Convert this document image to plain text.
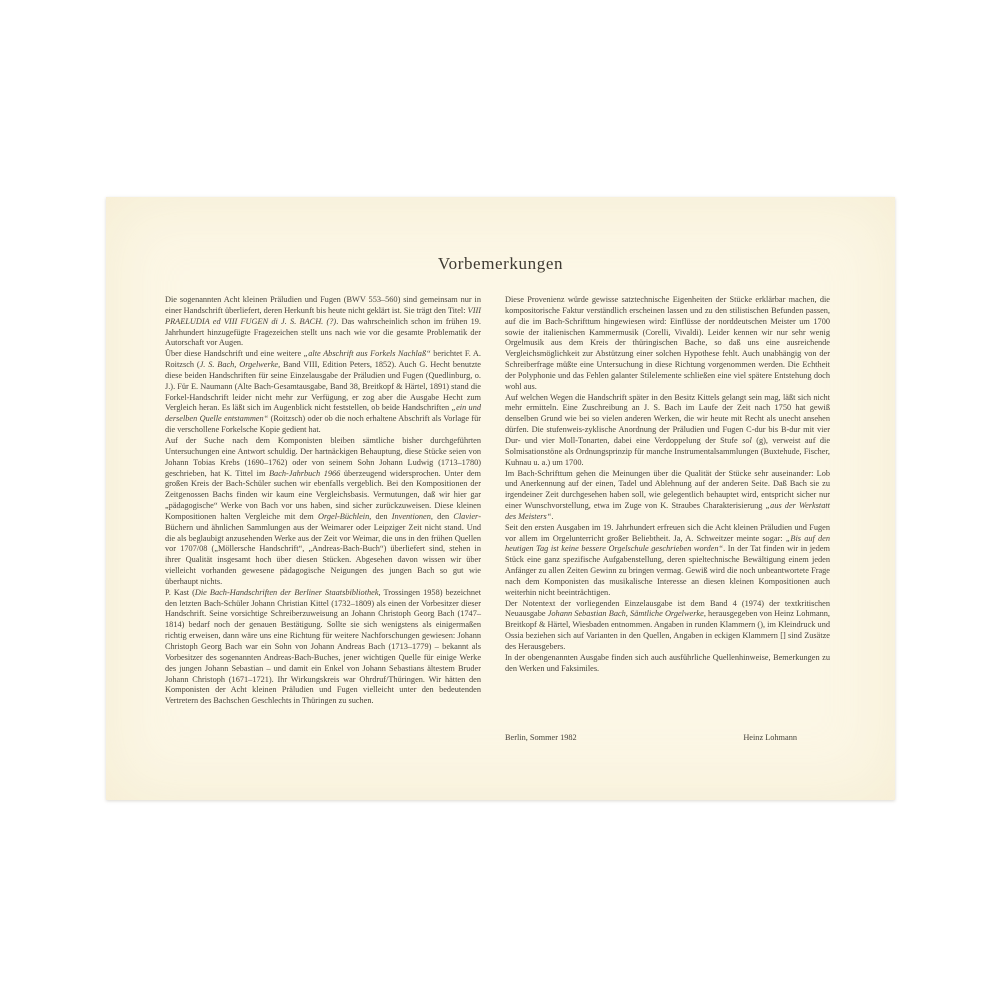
Vorbemerkungen

Die sogenannten Acht kleinen Präludien und Fugen (BWV 553–560) sind gemeinsam nur in einer Handschrift überliefert, deren Herkunft bis heute nicht geklärt ist. Sie trägt den Titel: VIII PRAELUDIA ed VIII FUGEN di J. S. BACH. (?). Das wahrscheinlich schon im frühen 19. Jahrhundert hinzugefügte Fragezeichen stellt uns nach wie vor die gesamte Problematik der Autorschaft vor Augen.

Über diese Handschrift und eine weitere „alte Abschrift aus Forkels Nachlaß“ berichtet F. A. Roitzsch (J. S. Bach, Orgelwerke, Band VIII, Edition Peters, 1852). Auch G. Hecht benutzte diese beiden Handschriften für seine Einzelausgabe der Präludien und Fugen (Quedlinburg, o. J.). Für E. Naumann (Alte Bach-Gesamtausgabe, Band 38, Breitkopf & Härtel, 1891) stand die Forkel-Handschrift leider nicht mehr zur Verfügung, er zog aber die Ausgabe Hecht zum Vergleich heran. Es läßt sich im Augenblick nicht feststellen, ob beide Handschriften „ein und derselben Quelle entstammen“ (Roitzsch) oder ob die noch erhaltene Abschrift als Vorlage für die verschollene Forkelsche Kopie gedient hat.

Auf der Suche nach dem Komponisten bleiben sämtliche bisher durchgeführten Untersuchungen eine Antwort schuldig. Der hartnäckigen Behauptung, diese Stücke seien von Johann Tobias Krebs (1690–1762) oder von seinem Sohn Johann Ludwig (1713–1780) geschrieben, hat K. Tittel im Bach-Jahrbuch 1966 überzeugend widersprochen. Unter dem großen Kreis der Bach-Schüler suchen wir ebenfalls vergeblich. Bei den Kompositionen der Zeitgenossen Bachs finden wir kaum eine Vergleichsbasis. Vermutungen, daß wir hier gar „pädagogische“ Werke von Bach vor uns haben, sind sicher zurückzuweisen. Diese kleinen Kompositionen halten Vergleiche mit dem Orgel-Büchlein, den Inventionen, den Clavier-Büchern und ähnlichen Sammlungen aus der Weimarer oder Leipziger Zeit nicht stand. Und die als beglaubigt anzusehenden Werke aus der Zeit vor Weimar, die uns in den frühen Quellen vor 1707/08 („Möllersche Handschrift“, „Andreas-Bach-Buch“) überliefert sind, stehen in ihrer Qualität insgesamt hoch über diesen Stücken. Abgesehen davon wissen wir über vielleicht vorhanden gewesene pädagogische Neigungen des jungen Bach so gut wie überhaupt nichts.

P. Kast (Die Bach-Handschriften der Berliner Staatsbibliothek, Trossingen 1958) bezeichnet den letzten Bach-Schüler Johann Christian Kittel (1732–1809) als einen der Vorbesitzer dieser Handschrift. Seine vorsichtige Schreiberzuweisung an Johann Christoph Georg Bach (1747–1814) bedarf noch der genauen Bestätigung. Sollte sie sich wenigstens als einigermaßen richtig erweisen, dann wäre uns eine Richtung für weitere Nachforschungen gewiesen: Johann Christoph Georg Bach war ein Sohn von Johann Andreas Bach (1713–1779) – bekannt als Vorbesitzer des sogenannten Andreas-Bach-Buches, jener wichtigen Quelle für einige Werke des jungen Johann Sebastian – und damit ein Enkel von Johann Sebastians ältestem Bruder Johann Christoph (1671–1721). Ihr Wirkungskreis war Ohrdruf/Thüringen. Wir hätten den Komponisten der Acht kleinen Präludien und Fugen vielleicht unter den bedeutenden Vertretern des Bachschen Geschlechts in Thüringen zu suchen.

Diese Provenienz würde gewisse satztechnische Eigenheiten der Stücke erklärbar machen, die kompositorische Faktur verständlich erscheinen lassen und zu den stilistischen Befunden passen, auf die im Bach-Schrifttum hingewiesen wird: Einflüsse der norddeutschen Meister um 1700 sowie der italienischen Kammermusik (Corelli, Vivaldi). Leider kennen wir nur sehr wenig Orgelmusik aus dem Kreis der thüringischen Bache, so daß uns eine ausreichende Vergleichsmöglichkeit zur Abstützung einer solchen Hypothese fehlt. Auch unabhängig von der Schreiberfrage müßte eine Untersuchung in diese Richtung vorgenommen werden. Die Echtheit der Polyphonie und das Fehlen galanter Stilelemente schließen eine viel spätere Entstehung doch wohl aus.

Auf welchen Wegen die Handschrift später in den Besitz Kittels gelangt sein mag, läßt sich nicht mehr ermitteln. Eine Zuschreibung an J. S. Bach im Laufe der Zeit nach 1750 hat gewiß denselben Grund wie bei so vielen anderen Werken, die wir heute mit Recht als unecht ansehen dürfen. Die stufenweis-zyklische Anordnung der Präludien und Fugen C-dur bis B-dur mit vier Dur- und vier Moll-Tonarten, dabei eine Verdoppelung der Stufe sol (g), verweist auf die Solmisationstöne als Ordnungsprinzip für manche Instrumentalsammlungen (Buxtehude, Fischer, Kuhnau u. a.) um 1700.

Im Bach-Schrifttum gehen die Meinungen über die Qualität der Stücke sehr auseinander: Lob und Anerkennung auf der einen, Tadel und Ablehnung auf der anderen Seite. Daß Bach sie zu irgendeiner Zeit durchgesehen haben soll, wie gelegentlich behauptet wird, entspricht sicher nur einer Wunschvorstellung, etwa im Zuge von K. Straubes Charakterisierung „aus der Werkstatt des Meisters“.

Seit den ersten Ausgaben im 19. Jahrhundert erfreuen sich die Acht kleinen Präludien und Fugen vor allem im Orgelunterricht großer Beliebtheit. Ja, A. Schweitzer meinte sogar: „Bis auf den heutigen Tag ist keine bessere Orgelschule geschrieben worden“. In der Tat finden wir in jedem Stück eine ganz spezifische Aufgabenstellung, deren spieltechnische Bewältigung einem jeden Anfänger zu allen Zeiten Gewinn zu bringen vermag. Gewiß wird die noch unbeantwortete Frage nach dem Komponisten das musikalische Interesse an diesen kleinen Kompositionen auch weiterhin nicht beeinträchtigen.

Der Notentext der vorliegenden Einzelausgabe ist dem Band 4 (1974) der textkritischen Neuausgabe Johann Sebastian Bach, Sämtliche Orgelwerke, herausgegeben von Heinz Lohmann, Breitkopf & Härtel, Wiesbaden entnommen. Angaben in runden Klammern (), im Kleindruck und Ossia beziehen sich auf Varianten in den Quellen, Angaben in eckigen Klammern [] sind Zusätze des Herausgebers.

In der obengenannten Ausgabe finden sich auch ausführliche Quellenhinweise, Bemerkungen zu den Werken und Faksimiles.

Berlin, Sommer 1982	Heinz Lohmann
